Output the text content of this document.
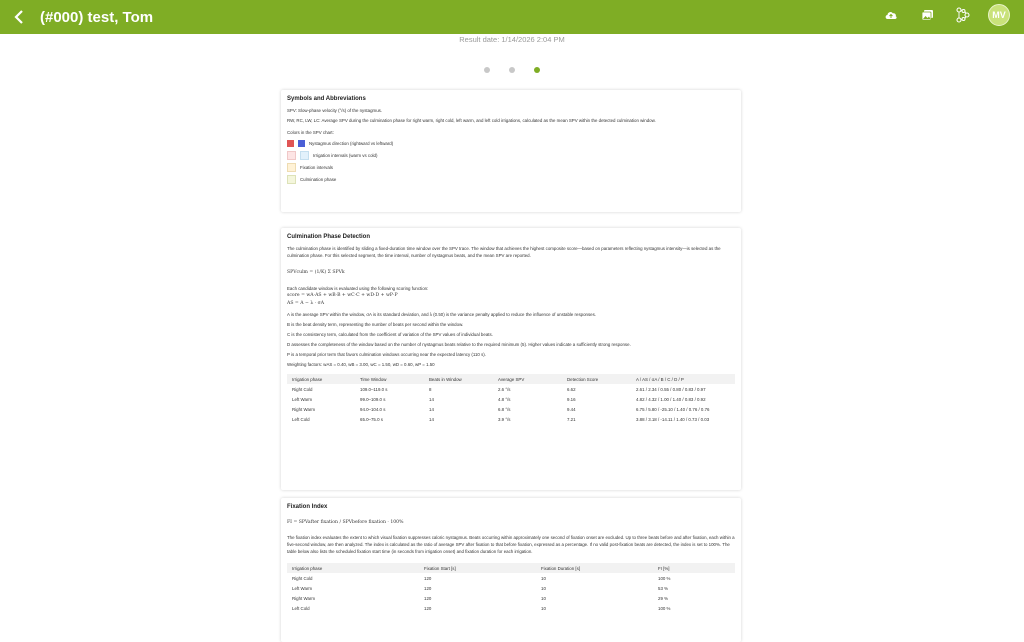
(#000) test, Tom	MV
Result date: 1/14/2026 2:04 PM
Symbols and Abbreviations

SPV: Slow-phase velocity (°/s) of the nystagmus.

RW, RC, LW, LC: Average SPV during the culmination phase for right warm, right cold, left warm, and left cold irrigations, calculated as the mean SPV within the detected culmination window.

Colors in the SPV chart:

Nystagmus direction (rightward vs leftward)
Irrigation intervals (warm vs cold)
Fixation intervals
Culmination phase
Culmination Phase Detection

The culmination phase is identified by sliding a fixed-duration time window over the SPV trace. The window that achieves the highest composite score—based on parameters reflecting nystagmus intensity—is selected as the culmination phase. For this selected segment, the time interval, number of nystagmus beats, and the mean SPV are reported.

SPVculm = (1/K) Σ SPVk

Each candidate window is evaluated using the following scoring function:

score = wA·AS + wB·B + wC·C + wD·D + wP·P
AS = A − λ · σA

A is the average SPV within the window, σA is its standard deviation, and λ (0.50) is the variance penalty applied to reduce the influence of unstable responses.

B is the beat density term, representing the number of beats per second within the window.

C is the consistency term, calculated from the coefficient of variation of the SPV values of individual beats.

D assesses the completeness of the window based on the number of nystagmus beats relative to the required minimum (5). Higher values indicate a sufficiently strong response.

P is a temporal prior term that favors culmination windows occurring near the expected latency (110 s).

Weighting factors: wAS = 0.40, wB = 3.00, wC = 1.50, wD = 0.60, wP = 1.50

Irrigation phase	Time Window	Beats in Window	Average SPV	Detection Score	A / AS / σA / B / C / D / P
Right Cold	109.0–119.0 s	8	2.6 °/s	6.62	2.61 / 2.34 / 0.55 / 0.80 / 0.83 / 0.97
Left Warm	99.0–109.0 s	14	4.8 °/s	9.16	4.82 / 4.32 / 1.00 / 1.40 / 0.83 / 0.92
Right Warm	94.0–104.0 s	14	6.8 °/s	9.44	6.75 / 5.80 / -25.10 / 1.40 / 0.76 / 0.76
Left Cold	65.0–75.0 s	14	3.9 °/s	7.21	3.88 / 3.18 / -14.11 / 1.40 / 0.73 / 0.03
Fixation Index
FI = SPVafter fixation / SPVbefore fixation · 100%

The fixation index evaluates the extent to which visual fixation suppresses caloric nystagmus. Beats occurring within approximately one second of fixation onset are excluded. Up to three beats before and after fixation, each within a five-second window, are then analyzed. The index is calculated as the ratio of average SPV after fixation to that before fixation, expressed as a percentage. If no valid post-fixation beats are detected, the index is set to 100%. The table below also lists the scheduled fixation start time (in seconds from irrigation onset) and fixation duration for each irrigation.

Irrigation phase	Fixation Start [s]	Fixation Duration [s]	FI [%]
Right Cold	120	10	100 %
Left Warm	120	10	53 %
Right Warm	120	10	29 %
Left Cold	120	10	100 %
